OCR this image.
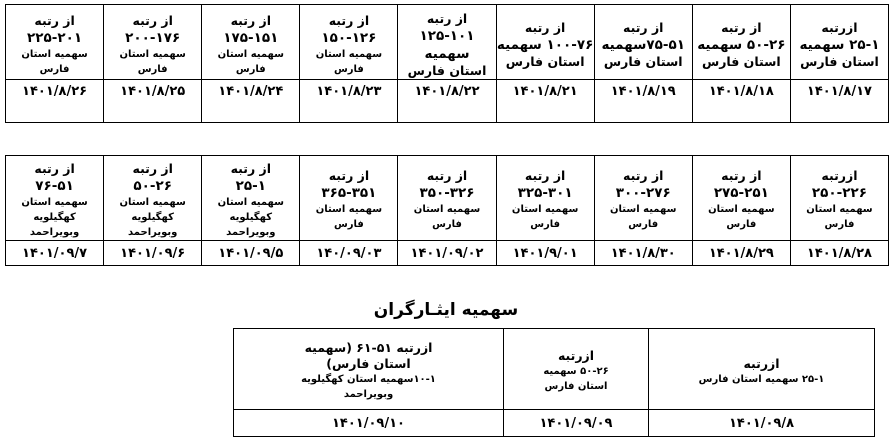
ازرتبه
۲۵-۱ سهمیه
استان فارس	از رتبه
۵۰-۲۶ سهمیه
استان فارس	از رتبه
۷۵-۵۱سهمیه
استان فارس	از رتبه
۱۰۰-۷۶ سهمیه
استان فارس	از رتبه
۱۲۵-۱۰۱ سهمیه
استان فارس	از رتبه
۱۵۰-۱۲۶
سهمیه استان فارس	از رتبه
۱۷۵-۱۵۱
سهمیه استان فارس	از رتبه
۲۰۰-۱۷۶
سهمیه استان فارس	از رتبه
۲۲۵-۲۰۱
سهمیه استان فارس

۱۴۰۱/۸/۱۷	۱۴۰۱/۸/۱۸	۱۴۰۱/۸/۱۹	۱۴۰۱/۸/۲۱	۱۴۰۱/۸/۲۲	۱۴۰۱/۸/۲۳	۱۴۰۱/۸/۲۴	۱۴۰۱/۸/۲۵	۱۴۰۱/۸/۲۶
ازرتبه
۲۵۰-۲۲۶
سهمیه استان فارس	از رتبه
۲۷۵-۲۵۱
سهمیه استان فارس	از رتبه
۳۰۰-۲۷۶
سهمیه استان فارس	از رتبه
۳۲۵-۳۰۱
سهمیه استان فارس	از رتبه
۳۵۰-۳۲۶
سهمیه استان فارس	از رتبه
۳۶۵-۳۵۱
سهمیه استان فارس	از رتبه
۲۵-۱
سهمیه استان کهگیلویه
وبویراحمد	از رتبه
۵۰-۲۶
سهمیه استان کهگیلویه
وبویراحمد	از رتبه
۷۶-۵۱
سهمیه استان کهگیلویه
وبویراحمد

۱۴۰۱/۸/۲۸	۱۴۰۱/۸/۲۹	۱۴۰۱/۸/۳۰	۱۴۰۱/۹/۰۱	۱۴۰۱/۰۹/۰۲	۱۴۰/۰۹/۰۳	۱۴۰۱/۰۹/۵	۱۴۰۱/۰۹/۶	۱۴۰۱/۰۹/۷
سهمیه ایثـارگران
ازرتبه
۲۵-۱ سهمیه استان فارس	ازرتبه
۵۰-۲۶ سهمیه
استان فارس	ازرتبه ۵۱-۶۱ (سهمیه
استان فارس)
۱۰-۱سهمیه استان کهگیلویه
وبویراحمد

۱۴۰۱/۰۹/۸	۱۴۰۱/۰۹/۰۹	۱۴۰۱/۰۹/۱۰
